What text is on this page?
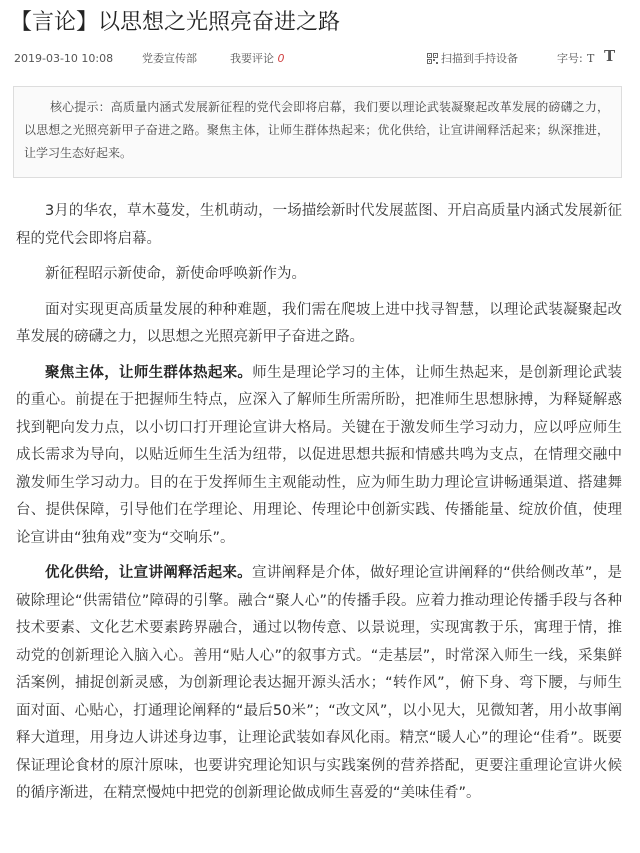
【言论】以思想之光照亮奋进之路
2019-03-10 10:08	党委宣传部	我要评论 0	扫描到手持设备	字号: T T

核心提示：高质量内涵式发展新征程的党代会即将启幕，我们要以理论武装凝聚起改革发展的磅礴之力，以思想之光照亮新甲子奋进之路。聚焦主体，让师生群体热起来；优化供给，让宣讲阐释活起来；纵深推进，让学习生态好起来。

3月的华农，草木蔓发，生机萌动，一场描绘新时代发展蓝图、开启高质量内涵式发展新征程的党代会即将启幕。

新征程昭示新使命，新使命呼唤新作为。

面对实现更高质量发展的种种难题，我们需在爬坡上进中找寻智慧，以理论武装凝聚起改革发展的磅礴之力，以思想之光照亮新甲子奋进之路。

聚焦主体，让师生群体热起来。师生是理论学习的主体，让师生热起来，是创新理论武装的重心。前提在于把握师生特点，应深入了解师生所需所盼，把准师生思想脉搏，为释疑解惑找到靶向发力点，以小切口打开理论宣讲大格局。关键在于激发师生学习动力，应以呼应师生成长需求为导向，以贴近师生生活为纽带，以促进思想共振和情感共鸣为支点，在情理交融中激发师生学习动力。目的在于发挥师生主观能动性，应为师生助力理论宣讲畅通渠道、搭建舞台、提供保障，引导他们在学理论、用理论、传理论中创新实践、传播能量、绽放价值，使理论宣讲由“独角戏”变为“交响乐”。

优化供给，让宣讲阐释活起来。宣讲阐释是介体，做好理论宣讲阐释的“供给侧改革”，是破除理论“供需错位”障碍的引擎。融合“聚人心”的传播手段。应着力推动理论传播手段与各种技术要素、文化艺术要素跨界融合，通过以物传意、以景说理，实现寓教于乐，寓理于情，推动党的创新理论入脑入心。善用“贴人心”的叙事方式。“走基层”，时常深入师生一线，采集鲜活案例，捕捉创新灵感，为创新理论表达掘开源头活水；“转作风”，俯下身、弯下腰，与师生面对面、心贴心，打通理论阐释的“最后50米”；“改文风”，以小见大，见微知著，用小故事阐释大道理，用身边人讲述身边事，让理论武装如春风化雨。精烹“暖人心”的理论“佳肴”。既要保证理论食材的原汁原味，也要讲究理论知识与实践案例的营养搭配，更要注重理论宣讲火候的循序渐进，在精烹慢炖中把党的创新理论做成师生喜爱的“美味佳肴”。
